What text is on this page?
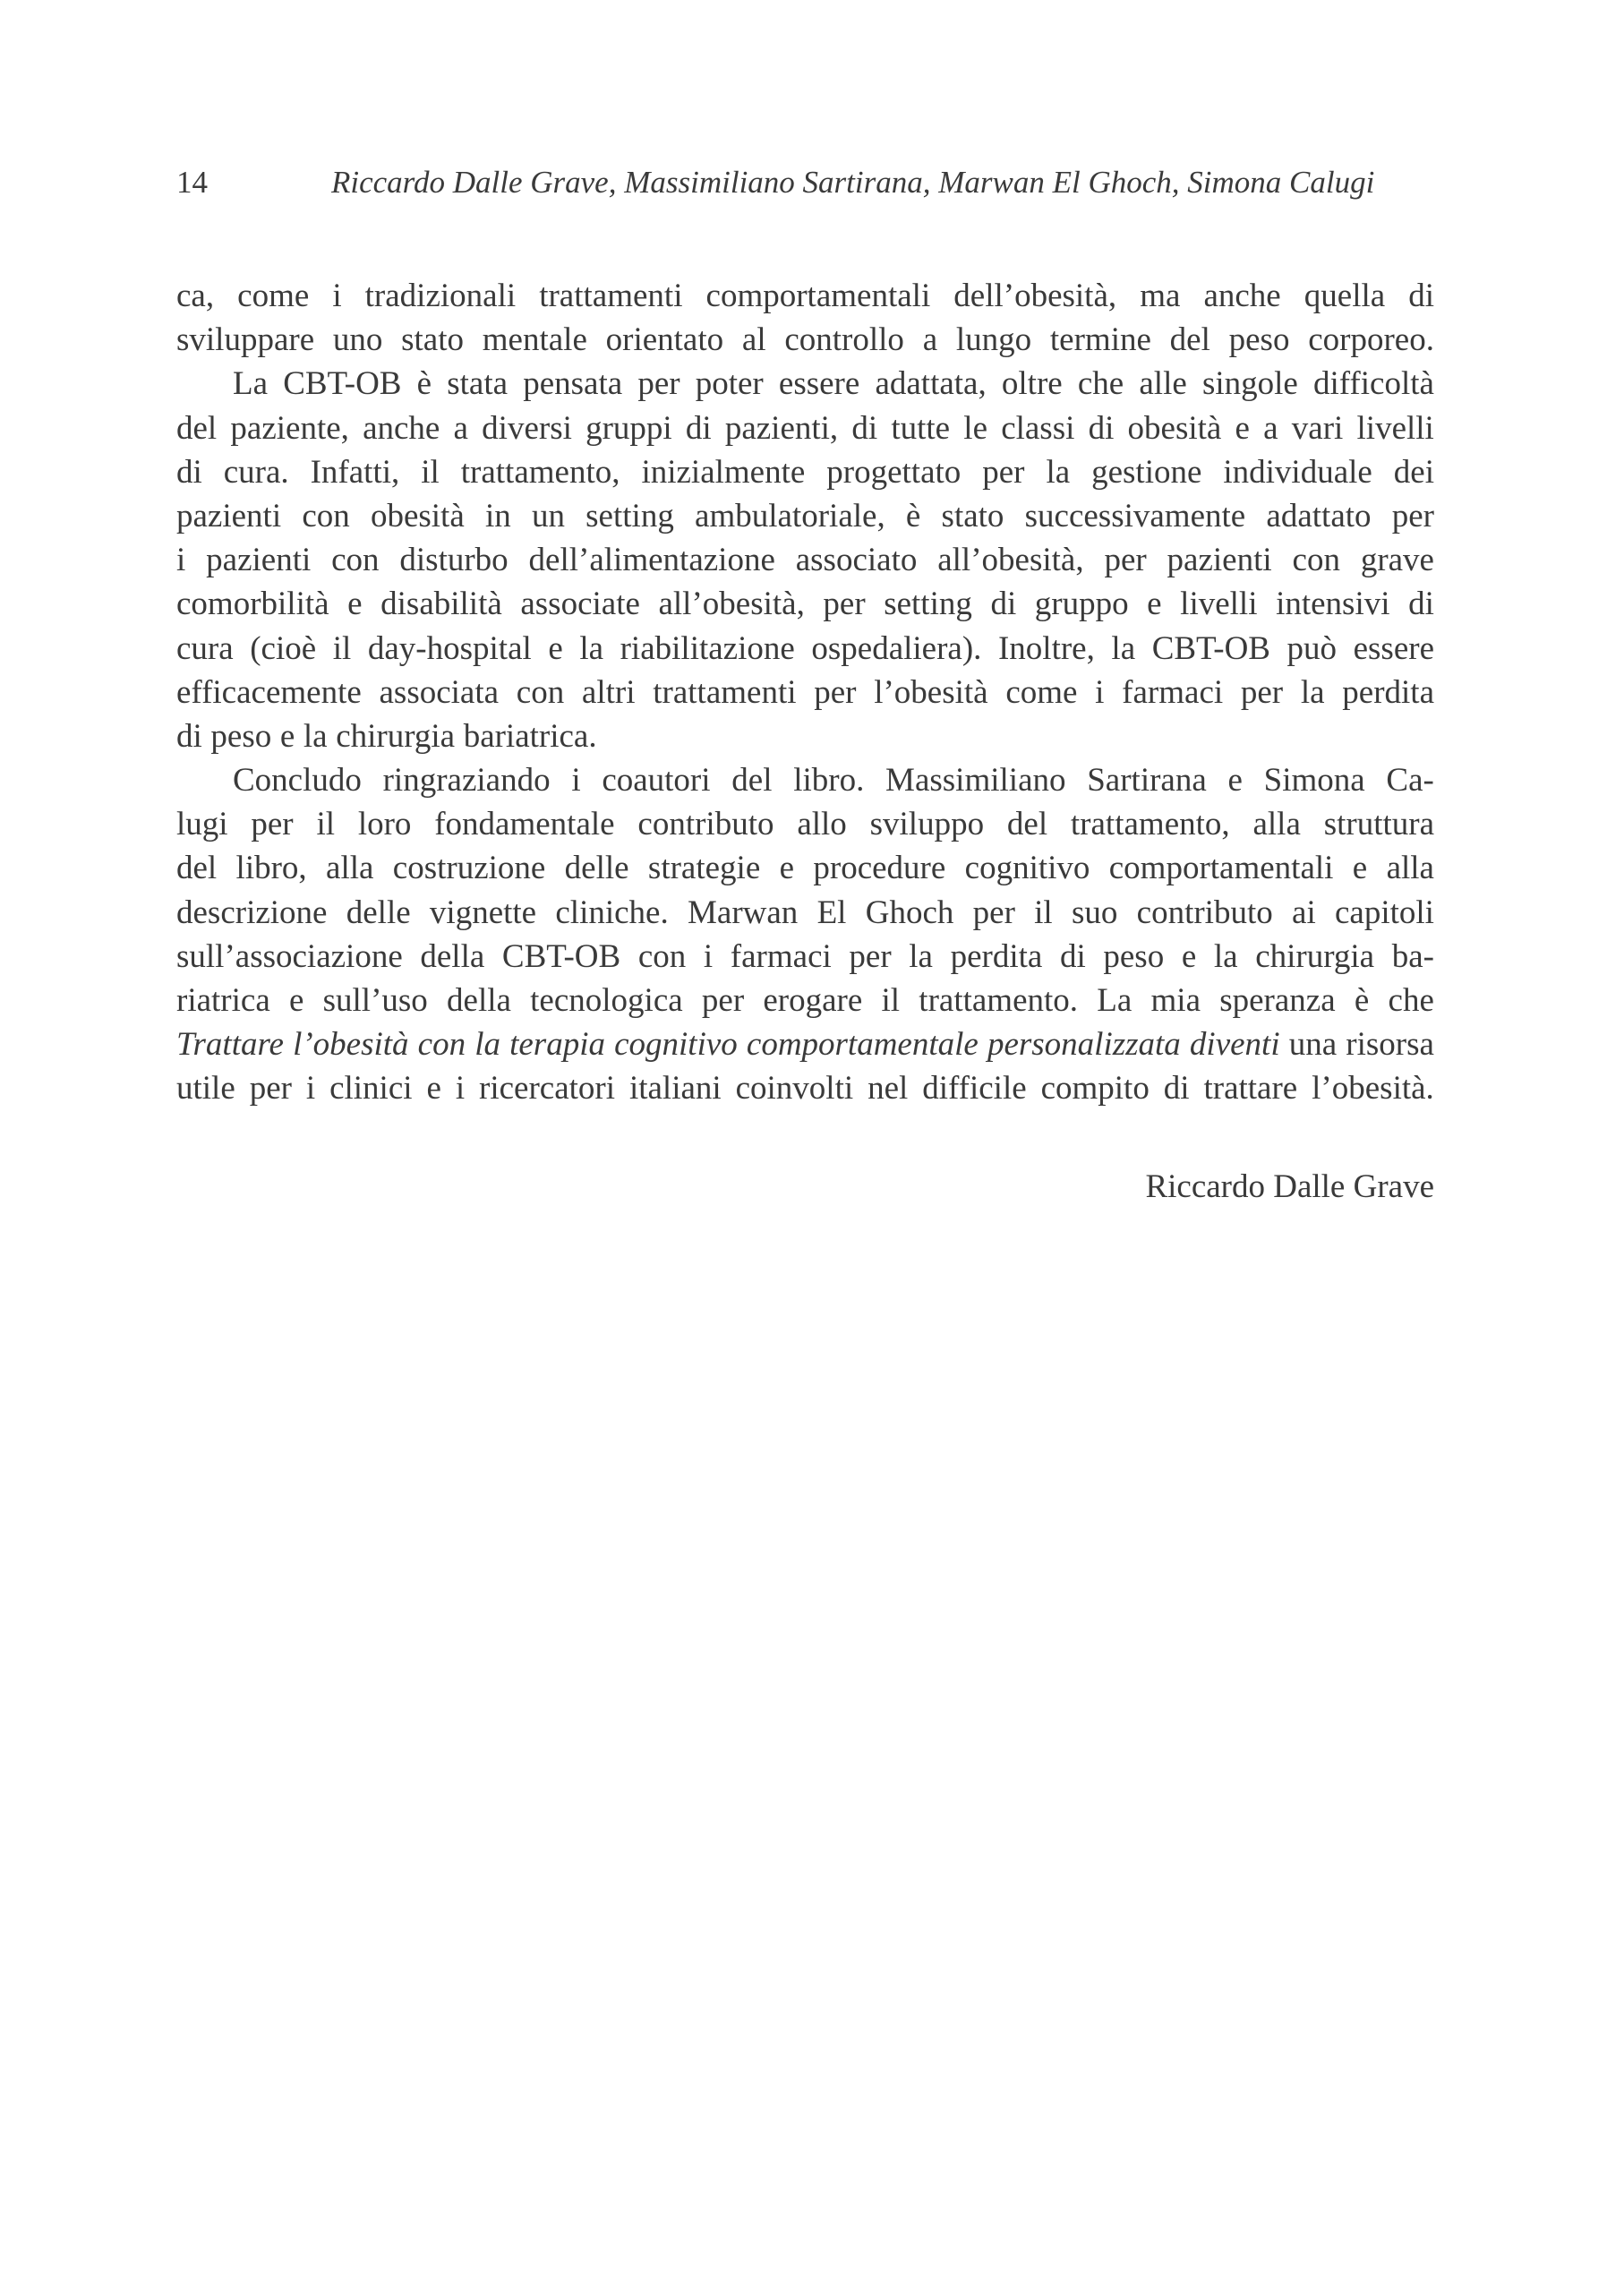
14	Riccardo Dalle Grave, Massimiliano Sartirana, Marwan El Ghoch, Simona Calugi
ca, come i tradizionali trattamenti comportamentali dell’obesità, ma anche quella di
sviluppare uno stato mentale orientato al controllo a lungo termine del peso corporeo.
La CBT-OB è stata pensata per poter essere adattata, oltre che alle singole difficoltà
del paziente, anche a diversi gruppi di pazienti, di tutte le classi di obesità e a vari livelli
di cura. Infatti, il trattamento, inizialmente progettato per la gestione individuale dei
pazienti con obesità in un setting ambulatoriale, è stato successivamente adattato per
i pazienti con disturbo dell’alimentazione associato all’obesità, per pazienti con grave
comorbilità e disabilità associate all’obesità, per setting di gruppo e livelli intensivi di
cura (cioè il day-hospital e la riabilitazione ospedaliera). Inoltre, la CBT-OB può essere
efficacemente associata con altri trattamenti per l’obesità come i farmaci per la perdita
di peso e la chirurgia bariatrica.
Concludo ringraziando i coautori del libro. Massimiliano Sartirana e Simona Ca-
lugi per il loro fondamentale contributo allo sviluppo del trattamento, alla struttura
del libro, alla costruzione delle strategie e procedure cognitivo comportamentali e alla
descrizione delle vignette cliniche. Marwan El Ghoch per il suo contributo ai capitoli
sull’associazione della CBT-OB con i farmaci per la perdita di peso e la chirurgia ba-
riatrica e sull’uso della tecnologica per erogare il trattamento. La mia speranza è che
Trattare l’obesità con la terapia cognitivo comportamentale personalizzata diventi una risorsa
utile per i clinici e i ricercatori italiani coinvolti nel difficile compito di trattare l’obesità.
Riccardo Dalle Grave
